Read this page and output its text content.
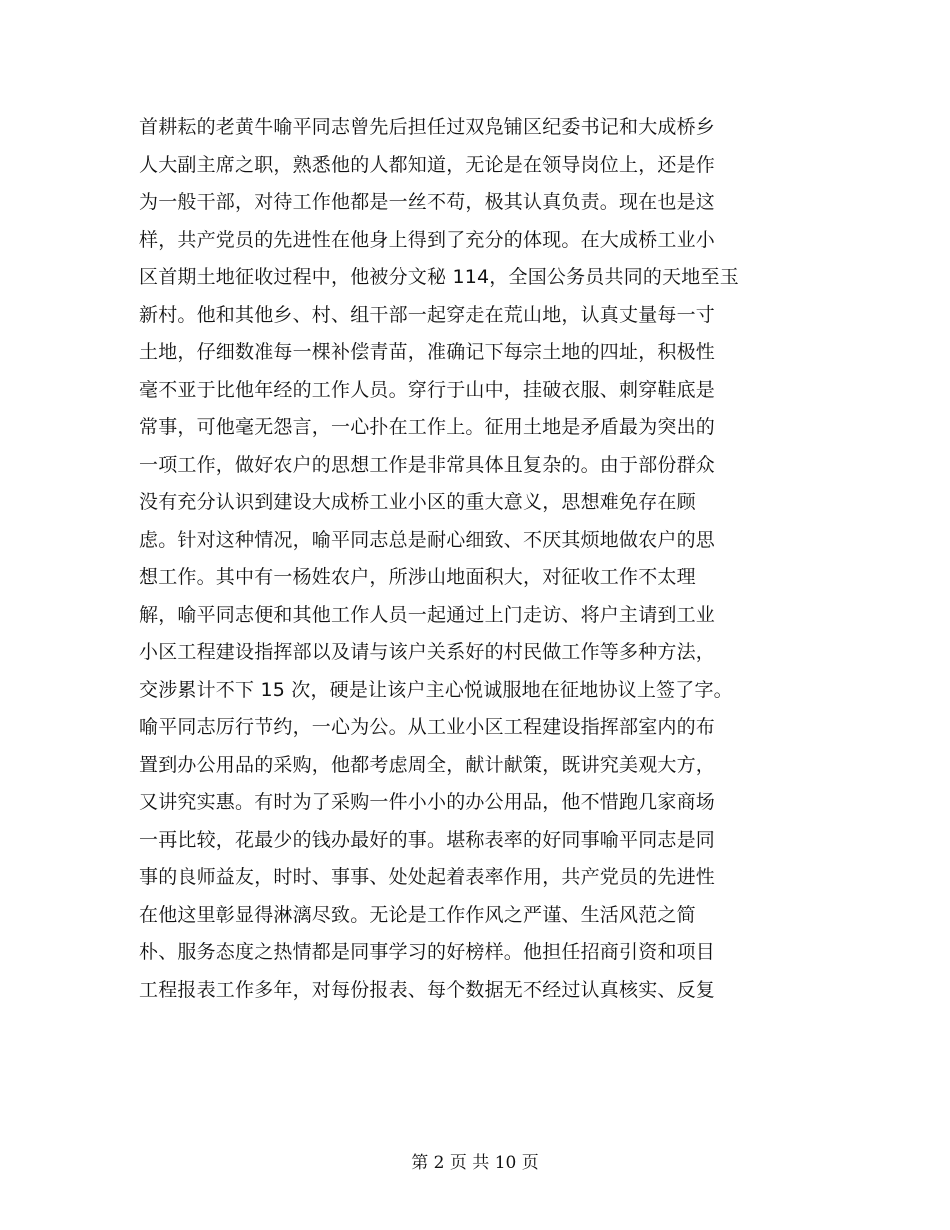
首耕耘的老黄牛喻平同志曾先后担任过双凫铺区纪委书记和大成桥乡
人大副主席之职，熟悉他的人都知道，无论是在领导岗位上，还是作
为一般干部，对待工作他都是一丝不苟，极其认真负责。现在也是这
样，共产党员的先进性在他身上得到了充分的体现。在大成桥工业小
区首期土地征收过程中，他被分文秘 114，全国公务员共同的天地至玉
新村。他和其他乡、村、组干部一起穿走在荒山地，认真丈量每一寸
土地，仔细数准每一棵补偿青苗，准确记下每宗土地的四址，积极性
毫不亚于比他年经的工作人员。穿行于山中，挂破衣服、刺穿鞋底是
常事，可他毫无怨言，一心扑在工作上。征用土地是矛盾最为突出的
一项工作，做好农户的思想工作是非常具体且复杂的。由于部份群众
没有充分认识到建设大成桥工业小区的重大意义，思想难免存在顾
虑。针对这种情况，喻平同志总是耐心细致、不厌其烦地做农户的思
想工作。其中有一杨姓农户，所涉山地面积大，对征收工作不太理
解，喻平同志便和其他工作人员一起通过上门走访、将户主请到工业
小区工程建设指挥部以及请与该户关系好的村民做工作等多种方法，
交涉累计不下 15 次，硬是让该户主心悦诚服地在征地协议上签了字。
喻平同志厉行节约，一心为公。从工业小区工程建设指挥部室内的布
置到办公用品的采购，他都考虑周全，献计献策，既讲究美观大方，
又讲究实惠。有时为了采购一件小小的办公用品，他不惜跑几家商场
一再比较，花最少的钱办最好的事。堪称表率的好同事喻平同志是同
事的良师益友，时时、事事、处处起着表率作用，共产党员的先进性
在他这里彰显得淋漓尽致。无论是工作作风之严谨、生活风范之简
朴、服务态度之热情都是同事学习的好榜样。他担任招商引资和项目
工程报表工作多年，对每份报表、每个数据无不经过认真核实、反复
第 2 页 共 10 页
